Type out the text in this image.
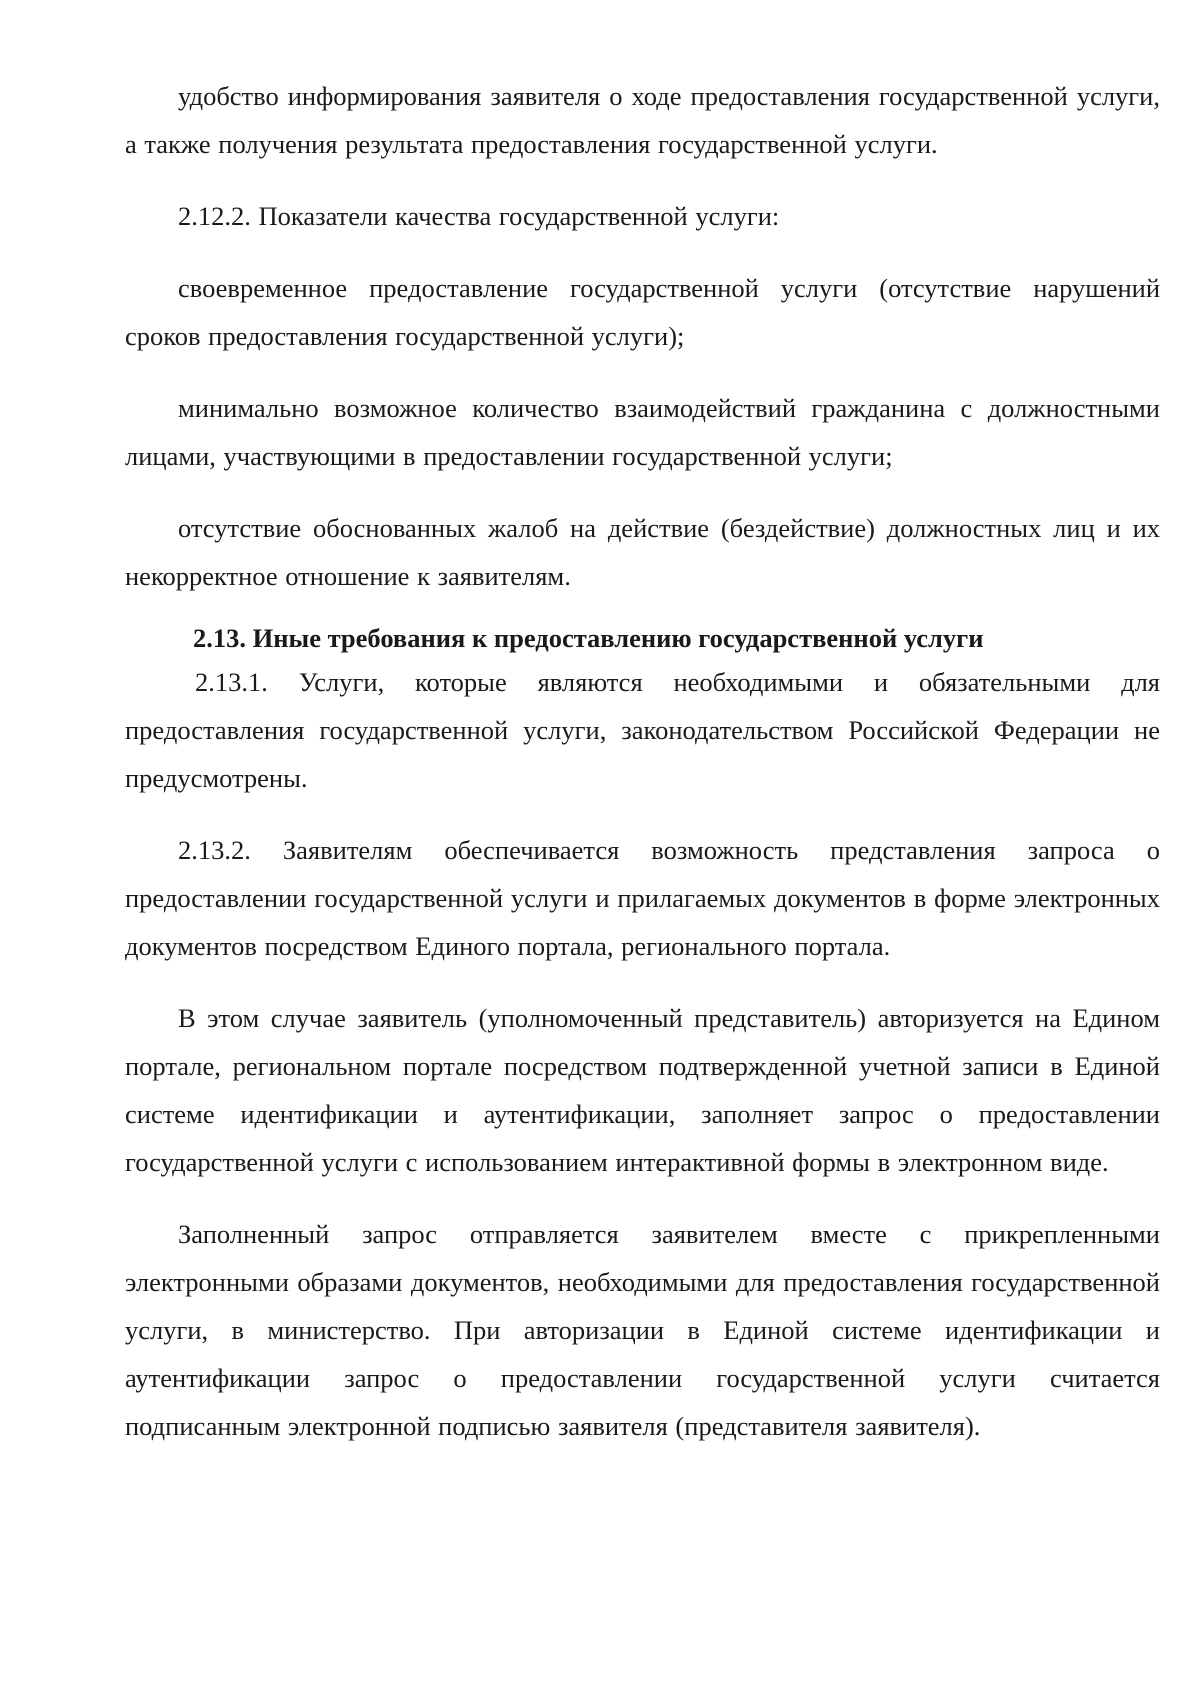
удобство информирования заявителя о ходе предоставления государственной услуги, а также получения результата предоставления государственной услуги.

2.12.2. Показатели качества государственной услуги:

своевременное предоставление государственной услуги (отсутствие нарушений сроков предоставления государственной услуги);

минимально возможное количество взаимодействий гражданина с должностными лицами, участвующими в предоставлении государственной услуги;

отсутствие обоснованных жалоб на действие (бездействие) должностных лиц и их некорректное отношение к заявителям.

2.13. Иные требования к предоставлению государственной услуги

2.13.1. Услуги, которые являются необходимыми и обязательными для предоставления государственной услуги, законодательством Российской Федерации не предусмотрены.

2.13.2. Заявителям обеспечивается возможность представления запроса о предоставлении государственной услуги и прилагаемых документов в форме электронных документов посредством Единого портала, регионального портала.

В этом случае заявитель (уполномоченный представитель) авторизуется на Едином портале, региональном портале посредством подтвержденной учетной записи в Единой системе идентификации и аутентификации, заполняет запрос о предоставлении государственной услуги с использованием интерактивной формы в электронном виде.

Заполненный запрос отправляется заявителем вместе с прикрепленными электронными образами документов, необходимыми для предоставления государственной услуги, в министерство. При авторизации в Единой системе идентификации и аутентификации запрос о предоставлении государственной услуги считается подписанным электронной подписью заявителя (представителя заявителя).
